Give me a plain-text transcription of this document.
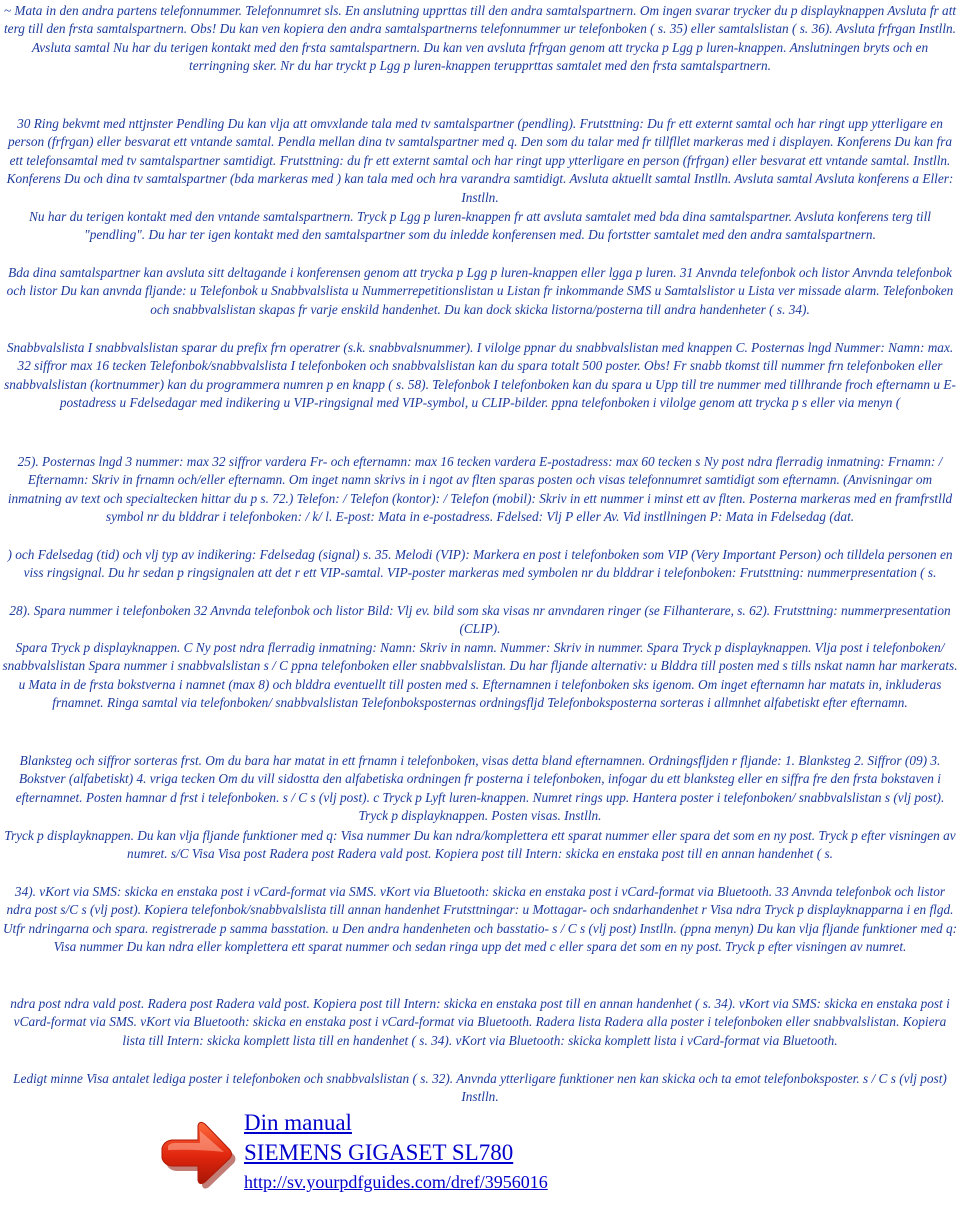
~ Mata in den andra partens telefonnummer. Telefonnumret sls. En anslutning upprttas till den andra samtalspartnern. Om ingen svarar trycker du p displayknappen Avsluta fr att terg till den frsta samtalspartnern. Obs! Du kan ven kopiera den andra samtalspartnerns telefonnummer ur telefonboken ( s. 35) eller samtalslistan ( s. 36). Avsluta frfrgan Instlln. Avsluta samtal Nu har du terigen kontakt med den frsta samtalspartnern. Du kan ven avsluta frfrgan genom att trycka p Lgg p luren-knappen. Anslutningen bryts och en terringning sker. Nr du har tryckt p Lgg p luren-knappen terupprttas samtalet med den frsta samtalspartnern.

30 Ring bekvmt med nttjnster Pendling Du kan vlja att omvxlande tala med tv samtalspartner (pendling). Frutsttning: Du fr ett externt samtal och har ringt upp ytterligare en person (frfrgan) eller besvarat ett vntande samtal. Pendla mellan dina tv samtalspartner med q. Den som du talar med fr tillfllet markeras med i displayen. Konferens Du kan fra ett telefonsamtal med tv samtalspartner samtidigt. Frutsttning: du fr ett externt samtal och har ringt upp ytterligare en person (frfrgan) eller besvarat ett vntande samtal. Instlln. Konferens Du och dina tv samtalspartner (bda markeras med ) kan tala med och hra varandra samtidigt. Avsluta aktuellt samtal Instlln. Avsluta samtal Avsluta konferens a Eller: Instlln.

Nu har du terigen kontakt med den vntande samtalspartnern. Tryck p Lgg p luren-knappen fr att avsluta samtalet med bda dina samtalspartner. Avsluta konferens terg till "pendling". Du har ter igen kontakt med den samtalspartner som du inledde konferensen med. Du fortstter samtalet med den andra samtalspartnern.

Bda dina samtalspartner kan avsluta sitt deltagande i konferensen genom att trycka p Lgg p luren-knappen eller lgga p luren. 31 Anvnda telefonbok och listor Anvnda telefonbok och listor Du kan anvnda fljande: u Telefonbok u Snabbvalslista u Nummerrepetitionslistan u Listan fr inkommande SMS u Samtalslistor u Lista ver missade alarm. Telefonboken och snabbvalslistan skapas fr varje enskild handenhet. Du kan dock skicka listorna/posterna till andra handenheter ( s. 34).

Snabbvalslista I snabbvalslistan sparar du prefix frn operatrer (s.k. snabbvalsnummer). I vilolge ppnar du snabbvalslistan med knappen C. Posternas lngd Nummer: Namn: max. 32 siffror max 16 tecken Telefonbok/snabbvalslista I telefonboken och snabbvalslistan kan du spara totalt 500 poster. Obs! Fr snabb tkomst till nummer frn telefonboken eller snabbvalslistan (kortnummer) kan du programmera numren p en knapp ( s. 58). Telefonbok I telefonboken kan du spara u Upp till tre nummer med tillhrande froch efternamn u E-postadress u Fdelsedagar med indikering u VIP-ringsignal med VIP-symbol, u CLIP-bilder. ppna telefonboken i vilolge genom att trycka p s eller via menyn (

25). Posternas lngd 3 nummer: max 32 siffror vardera Fr- och efternamn: max 16 tecken vardera E-postadress: max 60 tecken s Ny post ndra flerradig inmatning: Frnamn: / Efternamn: Skriv in frnamn och/eller efternamn. Om inget namn skrivs in i ngot av flten sparas posten och visas telefonnumret samtidigt som efternamn. (Anvisningar om inmatning av text och specialtecken hittar du p s. 72.) Telefon: / Telefon (kontor): / Telefon (mobil): Skriv in ett nummer i minst ett av flten. Posterna markeras med en framfrstlld symbol nr du blddrar i telefonboken: / k/ l. E-post: Mata in e-postadress. Fdelsed: Vlj P eller Av. Vid instllningen P: Mata in Fdelsedag (dat.

) och Fdelsedag (tid) och vlj typ av indikering: Fdelsedag (signal) s. 35. Melodi (VIP): Markera en post i telefonboken som VIP (Very Important Person) och tilldela personen en viss ringsignal. Du hr sedan p ringsignalen att det r ett VIP-samtal. VIP-poster markeras med symbolen nr du blddrar i telefonboken: Frutsttning: nummerpresentation ( s.

28). Spara nummer i telefonboken 32 Anvnda telefonbok och listor Bild: Vlj ev. bild som ska visas nr anvndaren ringer (se Filhanterare, s. 62). Frutsttning: nummerpresentation (CLIP).

Spara Tryck p displayknappen. C Ny post ndra flerradig inmatning: Namn: Skriv in namn. Nummer: Skriv in nummer. Spara Tryck p displayknappen. Vlja post i telefonboken/ snabbvalslistan Spara nummer i snabbvalslistan s / C ppna telefonboken eller snabbvalslistan. Du har fljande alternativ: u Blddra till posten med s tills nskat namn har markerats. u Mata in de frsta bokstverna i namnet (max 8) och blddra eventuellt till posten med s. Efternamnen i telefonboken sks igenom. Om inget efternamn har matats in, inkluderas frnamnet. Ringa samtal via telefonboken/ snabbvalslistan Telefonboksposternas ordningsfljd Telefonboksposterna sorteras i allmnhet alfabetiskt efter efternamn.

Blanksteg och siffror sorteras frst. Om du bara har matat in ett frnamn i telefonboken, visas detta bland efternamnen. Ordningsfljden r fljande: 1. Blanksteg 2. Siffror (09) 3. Bokstver (alfabetiskt) 4. vriga tecken Om du vill sidostta den alfabetiska ordningen fr posterna i telefonboken, infogar du ett blanksteg eller en siffra fre den frsta bokstaven i efternamnet. Posten hamnar d frst i telefonboken. s / C s (vlj post). c Tryck p Lyft luren-knappen. Numret rings upp. Hantera poster i telefonboken/ snabbvalslistan s (vlj post). Tryck p displayknappen. Posten visas. Instlln.

Tryck p displayknappen. Du kan vlja fljande funktioner med q: Visa nummer Du kan ndra/komplettera ett sparat nummer eller spara det som en ny post. Tryck p efter visningen av numret. s/C Visa Visa post Radera post Radera vald post. Kopiera post till Intern: skicka en enstaka post till en annan handenhet ( s.

34). vKort via SMS: skicka en enstaka post i vCard-format via SMS. vKort via Bluetooth: skicka en enstaka post i vCard-format via Bluetooth. 33 Anvnda telefonbok och listor ndra post s/C s (vlj post). Kopiera telefonbok/snabbvalslista till annan handenhet Frutsttningar: u Mottagar- och sndarhandenhet r Visa ndra Tryck p displayknapparna i en flgd. Utfr ndringarna och spara. registrerade p samma basstation. u Den andra handenheten och basstatio- s / C s (vlj post) Instlln. (ppna menyn) Du kan vlja fljande funktioner med q: Visa nummer Du kan ndra eller komplettera ett sparat nummer och sedan ringa upp det med c eller spara det som en ny post. Tryck p efter visningen av numret.

ndra post ndra vald post. Radera post Radera vald post. Kopiera post till Intern: skicka en enstaka post till en annan handenhet ( s. 34). vKort via SMS: skicka en enstaka post i vCard-format via SMS. vKort via Bluetooth: skicka en enstaka post i vCard-format via Bluetooth. Radera lista Radera alla poster i telefonboken eller snabbvalslistan. Kopiera lista till Intern: skicka komplett lista till en handenhet ( s. 34). vKort via Bluetooth: skicka komplett lista i vCard-format via Bluetooth.

Ledigt minne Visa antalet lediga poster i telefonboken och snabbvalslistan ( s. 32). Anvnda ytterligare funktioner nen kan skicka och ta emot telefonboksposter. s / C s (vlj post) Instlln.

Din manual
SIEMENS GIGASET SL780
http://sv.yourpdfguides.com/dref/3956016
